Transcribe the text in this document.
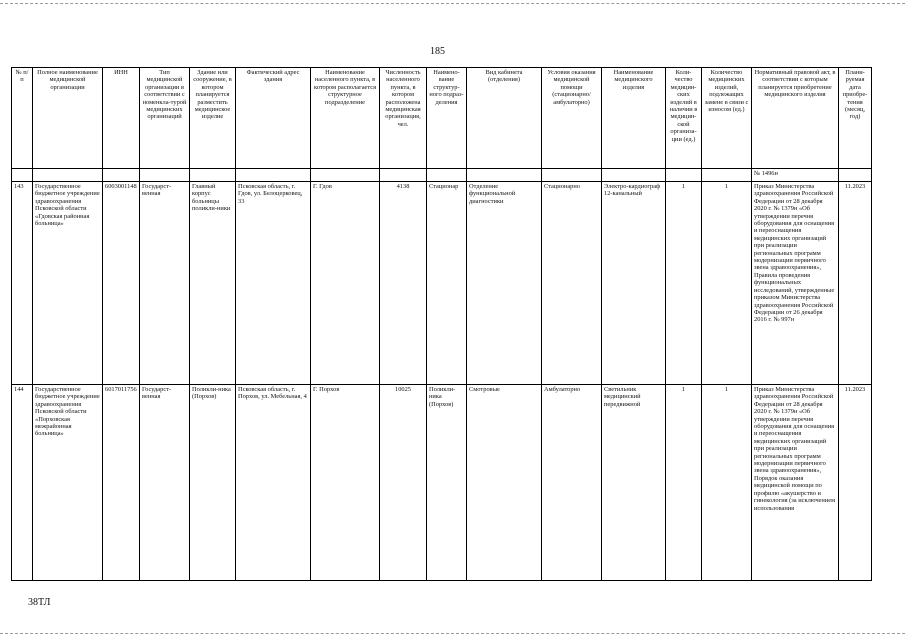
185
№ п/п	Полное наименование медицинской организации	ИНН	Тип медицинской организации в соответствии с номенкла-турой медицинских организаций	Здание или сооружение, в котором планируется разместить медицинское изделие	Фактический адрес здания	Наименование населенного пункта, в котором располагается структурное подразделение	Численность населенного пункта, в котором расположена медицинская организация, чел.	Наимено-вание структур-ного подраз-деления	Вид кабинета (отделения)	Условия оказания медицинской помощи (стационарно/ амбулаторно)	Наименование медицинского изделия	Коли-чество медицин-ских изделий в наличии в медицин-ской организа-ции (ед.)	Количество медицинских изделий, подлежащих замене в связи с износом (ед.)	Нормативный правовой акт, в соответствии с которым планируется приобретение медицинского изделия	Плани-руемая дата приобре-тения (месяц, год)
														№ 1496н	
143	Государственное бюджетное учреждение здравоохранения Псковской области «Гдовская районная больница»	6003001148	Государст-венная	Главный корпус больницы поликли-ники	Псковская область, г. Гдов, ул. Белоцерковец, 33	Г. Гдов	4138	Стационар	Отделение функциональной диагностики	Стационарно	Электро-кардиограф 12-канальный	1	1	Приказ Министерства здравоохранения Российской Федерации от 28 декабря 2020 г. № 1379н «Об утверждении перечня оборудования для оснащения и переоснащения медицинских организаций при реализации региональных программ модернизации первичного звена здравоохранения», Правила проведения функциональных исследований, утвержденные приказом Министерства здравоохранения Российской Федерации от 26 декабря 2016 г. № 997н	11.2023
144	Государственное бюджетное учреждение здравоохранения Псковской области «Порховская межрайонная больница»	6017011756	Государст-венная	Поликли-ника (Порхов)	Псковская область, г. Порхов, ул. Мебельная, 4	Г. Порхов	10025	Поликли-ника (Порхов)	Смотровые	Амбулаторно	Светильник медицинский передвижной	1	1	Приказ Министерства здравоохранения Российской Федерации от 28 декабря 2020 г. № 1379н «Об утверждении перечня оборудования для оснащения и переоснащения медицинских организаций при реализации региональных программ модернизации первичного звена здравоохранения», Порядок оказания медицинской помощи по профилю «акушерство и гинекология (за исключением использования	11.2023
38ТЛ
